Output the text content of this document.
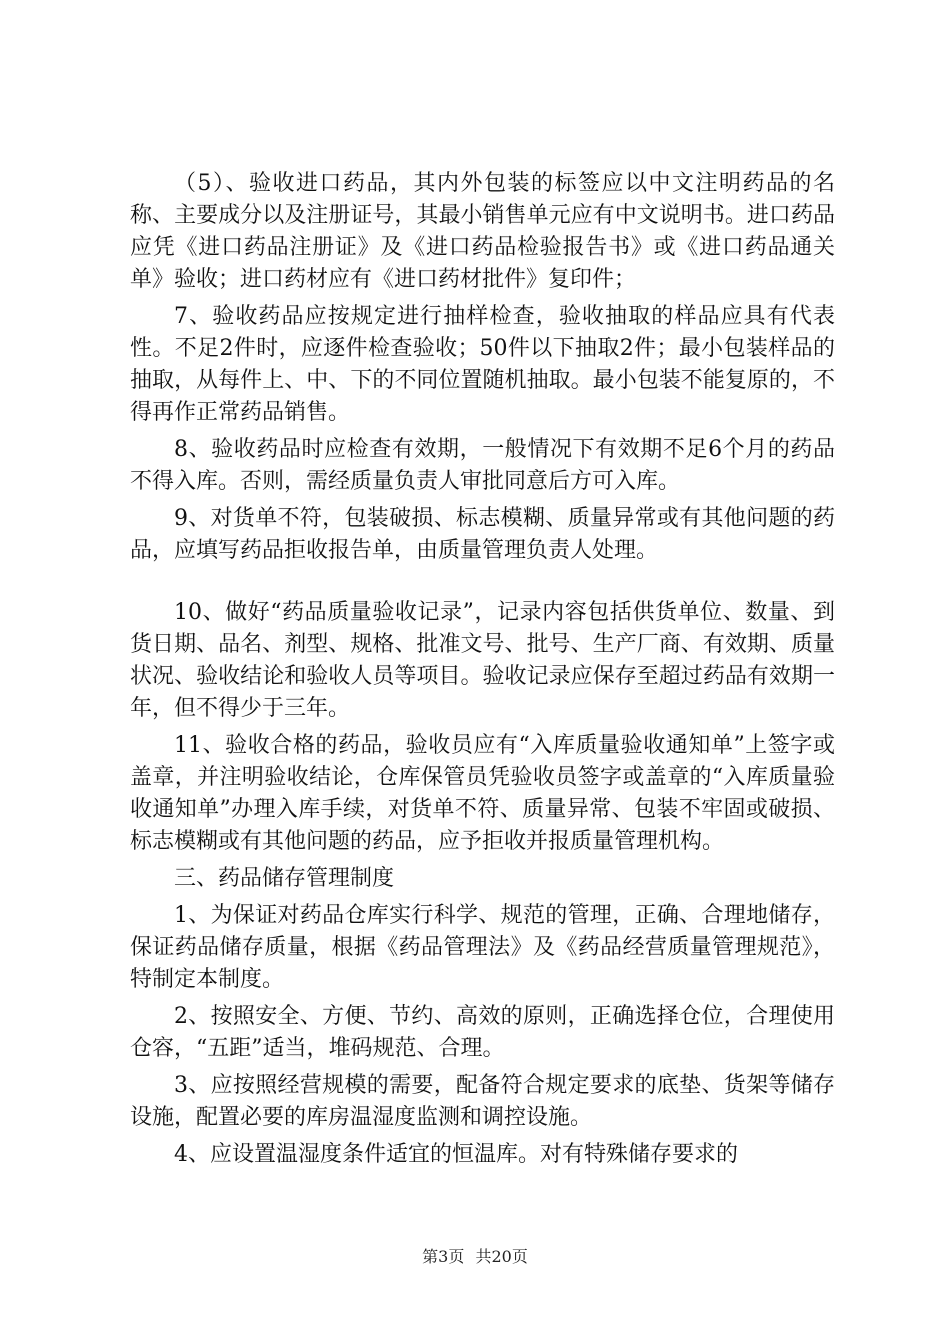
（5）、验收进口药品，其内外包装的标签应以中文注明药品的名称、主要成分以及注册证号，其最小销售单元应有中文说明书。进口药品应凭《进口药品注册证》及《进口药品检验报告书》或《进口药品通关单》验收；进口药材应有《进口药材批件》复印件；

7、验收药品应按规定进行抽样检查，验收抽取的样品应具有代表性。不足2件时，应逐件检查验收；50件以下抽取2件；最小包装样品的抽取，从每件上、中、下的不同位置随机抽取。最小包装不能复原的，不得再作正常药品销售。

8、验收药品时应检查有效期，一般情况下有效期不足6个月的药品不得入库。否则，需经质量负责人审批同意后方可入库。

9、对货单不符，包装破损、标志模糊、质量异常或有其他问题的药品，应填写药品拒收报告单，由质量管理负责人处理。

10、做好“药品质量验收记录”，记录内容包括供货单位、数量、到货日期、品名、剂型、规格、批准文号、批号、生产厂商、有效期、质量状况、验收结论和验收人员等项目。验收记录应保存至超过药品有效期一年，但不得少于三年。

11、验收合格的药品，验收员应有“入库质量验收通知单”上签字或盖章，并注明验收结论，仓库保管员凭验收员签字或盖章的“入库质量验收通知单”办理入库手续，对货单不符、质量异常、包装不牢固或破损、标志模糊或有其他问题的药品，应予拒收并报质量管理机构。

三、药品储存管理制度

1、为保证对药品仓库实行科学、规范的管理，正确、合理地储存，保证药品储存质量，根据《药品管理法》及《药品经营质量管理规范》，特制定本制度。

2、按照安全、方便、节约、高效的原则，正确选择仓位，合理使用仓容，“五距”适当，堆码规范、合理。

3、应按照经营规模的需要，配备符合规定要求的底垫、货架等储存设施，配置必要的库房温湿度监测和调控设施。

4、应设置温湿度条件适宜的恒温库。对有特殊储存要求的

第3页 共20页
